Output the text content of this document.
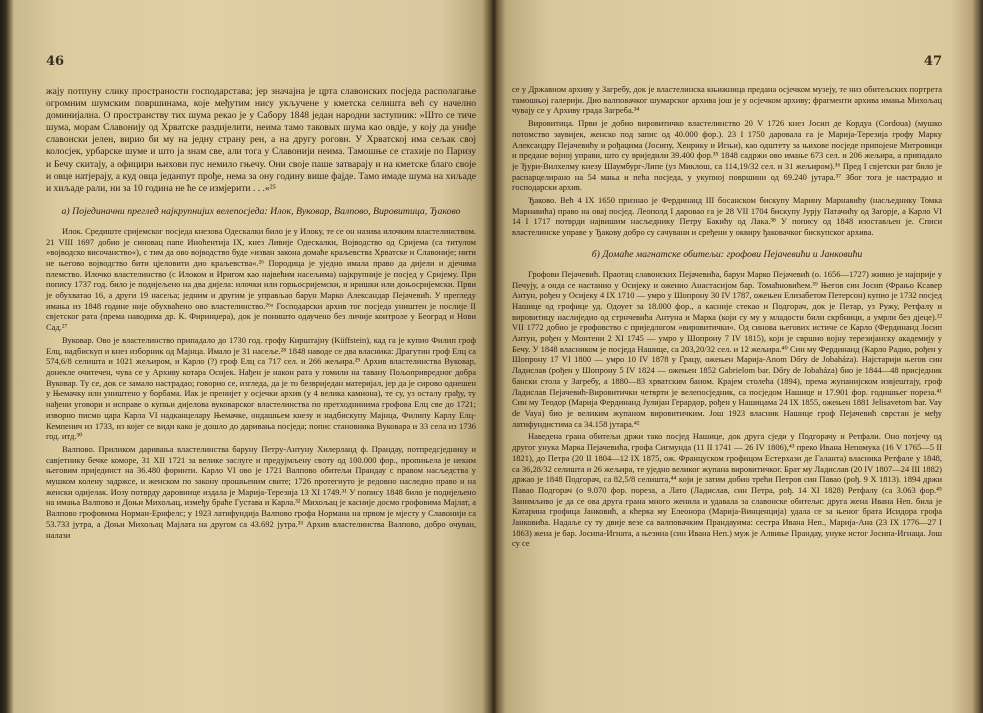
46

жају потпуну слику пространости господарстава; јер значајна је црта славонских посједа располагање огромним шумским површинама, које међутим нису укључене у кметска селишта већ су начелно доминијална. О пространству тих шума рекао је у Сабору 1848 један народни заступник: »Што се тиче шума, морам Славонију од Хрватске раздијелити, неима тамо таковых шума као овдје, у коју да униђе славонски јелен, вирио би му на једну страну рен, а на другу роговн. У Хрватској има сељак свој колосјек, урбарске шуме и што ја знам све, али тога у Славонији неима. Тамошње се стахије по Паризу и Бечу скитају, а официри њихови пус немило гњечу. Они своје паше затварају и на кметске благо своје и овце натјерају, а куд овца једанпут прође, нема за ону годину више фајде. Тамо имаде шума на хиљаде и хиљаде рали, ни за 10 година не ће се измјерити . . .«²⁵

а) Појединачни преглед најкрупнијих велепосједа: Илок, Вуковар, Валпово, Вировитица, Ђаково

Илок. Средиште сријемског посједа кнезова Одескалки било је у Илоку, те се он назива илочким властелинством. 21 VIII 1697 добио је синовац папе Иноћентија IX, кнез Ливије Одескалки, Војводство од Сријема (са титулом »војводско височанство«), с тим да ово војводство буде »изван закона домаће краљевства Хрватске и Славоније; нити не његово војводство бити цјеловити дио краљевства«.²⁶ Породица је уједно имала право да дијели и дјечима племство. Илочко властелинство (с Илоком и Иригом као највећим насељима) најкрупније је посјед у Сријему. При попису 1737 год. било је подијељено на два дијела: илочки или горњосријемски, и иришки или доњосријемски. Први је обухватао 16, а други 19 насеља; једним и другим је управљао барун Марко Александар Пејачевић. У прегледу имања из 1848 године није обухваћено ово властелинство.²⁶ᵃ Господарски архив тог посједа уништен је послије II свјетског рата (према наводима др. К. Фиринџера), док је поништо одаучено без личије контроле у Београд и Нови Сад.²⁷

Вуковар. Ово је властелинство припадало до 1730 год. грофу Кирштајну (Küffstein), кад га је купио Филип гроф Елц, надбискуп и кнез изборник од Мајнца. Имало је 31 насеље.²⁸ 1848 наводе се два власника: Драгутин гроф Елц са 574,6/8 селишта и 1021 жељиром, и Карло (?) гроф Елц са 717 сел. и 266 жељира.²⁹ Архив властелинства Вуковар, донекле очитечен, чува се у Архиву котара Осијек. Нађен је након рата у гомили на тавану Пољопривредног добра Вуковар. Ту се, док се замало настрадао; говорио се, изгледа, да је то безвриједан материјал, јер да је сирово однешен у Њемачку или уништено у борбама. Иак је пренијет у осјечки архив (у 4 велика камиона), те су, уз осталу грађу, ту нађени уговори и исправе о купњи дијелова вуковарског властелинства по претходнинима грофова Елц све до 1721; изворно писмо цара Карла VI надканцелару Њемачке, ондашњем кнезу и надбискупу Мајнца, Филипу Карлу Елц-Кемпенич из 1733, из којег се види како је дошло до даривања посједа; попис становника Вуковара и 33 села из 1736 год. итд.³⁰

Валпово. Приликом даривања властелинства баруну Петру-Антуну Хилерланд ф. Прандау, потпредсједнику и савјетнику бечке коморе, 31 XII 1721 за велике заслуге и предујмљену свoту од 100.000 фор., пропињела је неким његовим пријединст на 36.480 форинти. Карло VI ово је 1721 Валпово обитељи Прандау с правом насљедства у мушком колену задржсе, и женском по закону прошњеним свите; 1726 протегнуто је редовно наследно право и на женски одијелак. Иозу потврду даровнице издала је Марија-Терезија 13 XI 1749.³¹ У попису 1848 било је подијељено на имања Валпово и Доњи Михољац, између браће Густава и Карла.³² Михољац је касније досмо грофовима Мајлат, а Валпово грофовима Норман-Ернфелс; у 1923 латифундиjа Валпово грофа Нормана на првом је мјесту у Славонији са 53.733 јутра, а Доњи Михољац Мајлата на другом са 43.692 јутра.³³ Архив властелинства Валпово, добро очуван, налази

47

се у Државном архиву у Загребу, док је властелинска књижница предана осјечком музеју, те низ обитељских портрета тамошњој галерији. Дио валповачког шумарског архива још је у осјечком архиву; фрагменти архива имања Михољац чувају се у Архиву града Загреба.³⁴

Вировитица. Први је добио вировитичко властелинство 20 V 1726 кнез Јосип де Кордуа (Cordoua) (мушко потомство заувијек, женско под запис од 40.000 фор.). 23 I 1750 даровала га је Марија-Терезија грофу Марку Александру Пејачевићу и рођацима (Јосипу, Хенрику и Игњи), као одштету за њихове посједе припојене Митровици и предане војној управи, што су вриједили 39.400 фор.³⁵ 1848 садржи ово имање 673 сел. и 206 жељира, а припадало је Ђури-Вилхелму кнезу Шаумбург-Липе (уз Миклош, са 114,19/32 сел. и 31 жељиром).³⁶ Пред I свјетски рат било је распарцелирано на 54 мања и пећа посједа, у укупној површини од 69.240 јутара.³⁷ Због тога је настрадао и господарски архив.

Ђаково. Већ 4 IX 1650 признао је Фердинанд III босанском бискупу Марину Марнавићу (насљеднику Томка Марнавића) право на овај посјед. Леополд I даровао га је 28 VII 1704 бискупу Јурју Патачићу од Загорје, а Карло VI 14 I 1717 потврди највишим насљеднику Петру Бакићу од Лака.³⁸ У попису од 1848 изостављен је. Списи властелинске управе у Ђакову добро су сачувани и сређени у оквиру ђаковачког бискупског архива.

б) Домаће магнатске обитељи: грофови Пејачевићи и Јанковићи

Грофови Пејачевић. Праотац славонских Пејачевића, барун Марко Пејачевић (о. 1656—1727) живио је најприје у Печују, а онда се настанио у Осијеку и оженио Анастасијом бар. Томаћновићем.³⁹ Његов син Јосип (Фрањо Ксавер Антун, рођен у Осијеку 4 IX 1710 — умро у Шопрону 30 IV 1787, ожењен Елизабетом Петерсон) купио је 1732 посјед Нашице од грофице уд. Одоует за 18.000 фор., а касније стекао и Подгорач, док је Петар, уз Ружу, Ретфалу и вировитицу наслиједио од стрнчевића Антуна и Марка (који су му у младости били скрбници, а умрли без дјеце).²² VII 1772 добио је грофовство с приједлогом »вировитички«. Од синова његових истиче се Карло (Фердинанд Јосип Антун, рођен у Монтени 2 XI 1745 — умро у Шопрону 7 IV 1815), који је свршио војну терезијанску академију у Бечу. У 1848 власником је посједа Нашице, са 203,20/32 сел. и 12 жељира.⁴⁰ Син му Фердинанд (Карло Радио, рођен у Шопрону 17 VI 1800 — умро 10 IV 1878 у Грацу, ожењен Маријa-Anom Dőry de Jobaháza). Најстарији његов син Ладислав (рођен у Шопрону 5 IV 1824 — ожењен 1852 Gabrielom bar. Dőry de Jobaháza) био је 1844—48 присједник бански стола у Загребу, а 1880—83 хрватским баном. Крајем столећа (1894), према жупанијском извјештају, гроф Ладислав Пејачевић-Вировитички четврти је велепосједник, са посједом Нашице и 17.901 фор. годишњег пореза.⁴¹ Син му Теодор (Марија Фердинанд Јулијан Герардор, рођен у Нашицама 24 IX 1855, ожењен 1881 Jelisavetom bar. Vay de Vaya) био је великим жупаном вировитичким. Још 1923 власник Нашице гроф Пејачевић сврстан је међу латифундистима са 34.158 јутара.⁴²

Наведена грана обитељи држи тако посјед Нашице, док друга сједи у Подгорачу и Ретфали. Оно потјечу од другог унука Марка Пејачевића, грофа Сигмунда (11 II 1741 — 26 IV 1806),⁴³ преко Ивана Непомука (16 V 1765—5 II 1821), до Петра (20 II 1804—12 IX 1875, ож. Француском грофицом Естерхази де Галанта) власника Ретфале у 1848, са 36,28/32 селишта и 26 жељира, те уједно великог жупана вировитичког. Брат му Ладислав (20 IV 1807—24 III 1882) држао је 1848 Подгорач, са 82,5/8 селишта,⁴⁴ који је затим добио трећи Петров син Павао (рођ. 9 X 1813). 1894 држи Павао Подгорач (о 9.070 фор. пореза, а Лато (Ладислав, син Петра, рођ. 14 XI 1828) Ретфалу (са 3.063 фор.⁴⁵ Занимљиво је да се ова друга грана много женила и удавала за славонске обитељи: друга жена Ивана Неп. била је Катарина грофица Јанковић, а кћерка му Елеонора (Марија-Винценција) удала се за њеног брата Исидора грофа Јанковића. Надаље су ту двије везе са валповачким Прандауима: сестра Ивана Неп., Марија-Ана (23 IX 1776—27 I 1863) жена је бар. Јосипа-Игнатa, а њезина (син Ивана Неп.) муж је Алвиње Прандау, унуке истог Јосипа-Игнаца. Још су се
